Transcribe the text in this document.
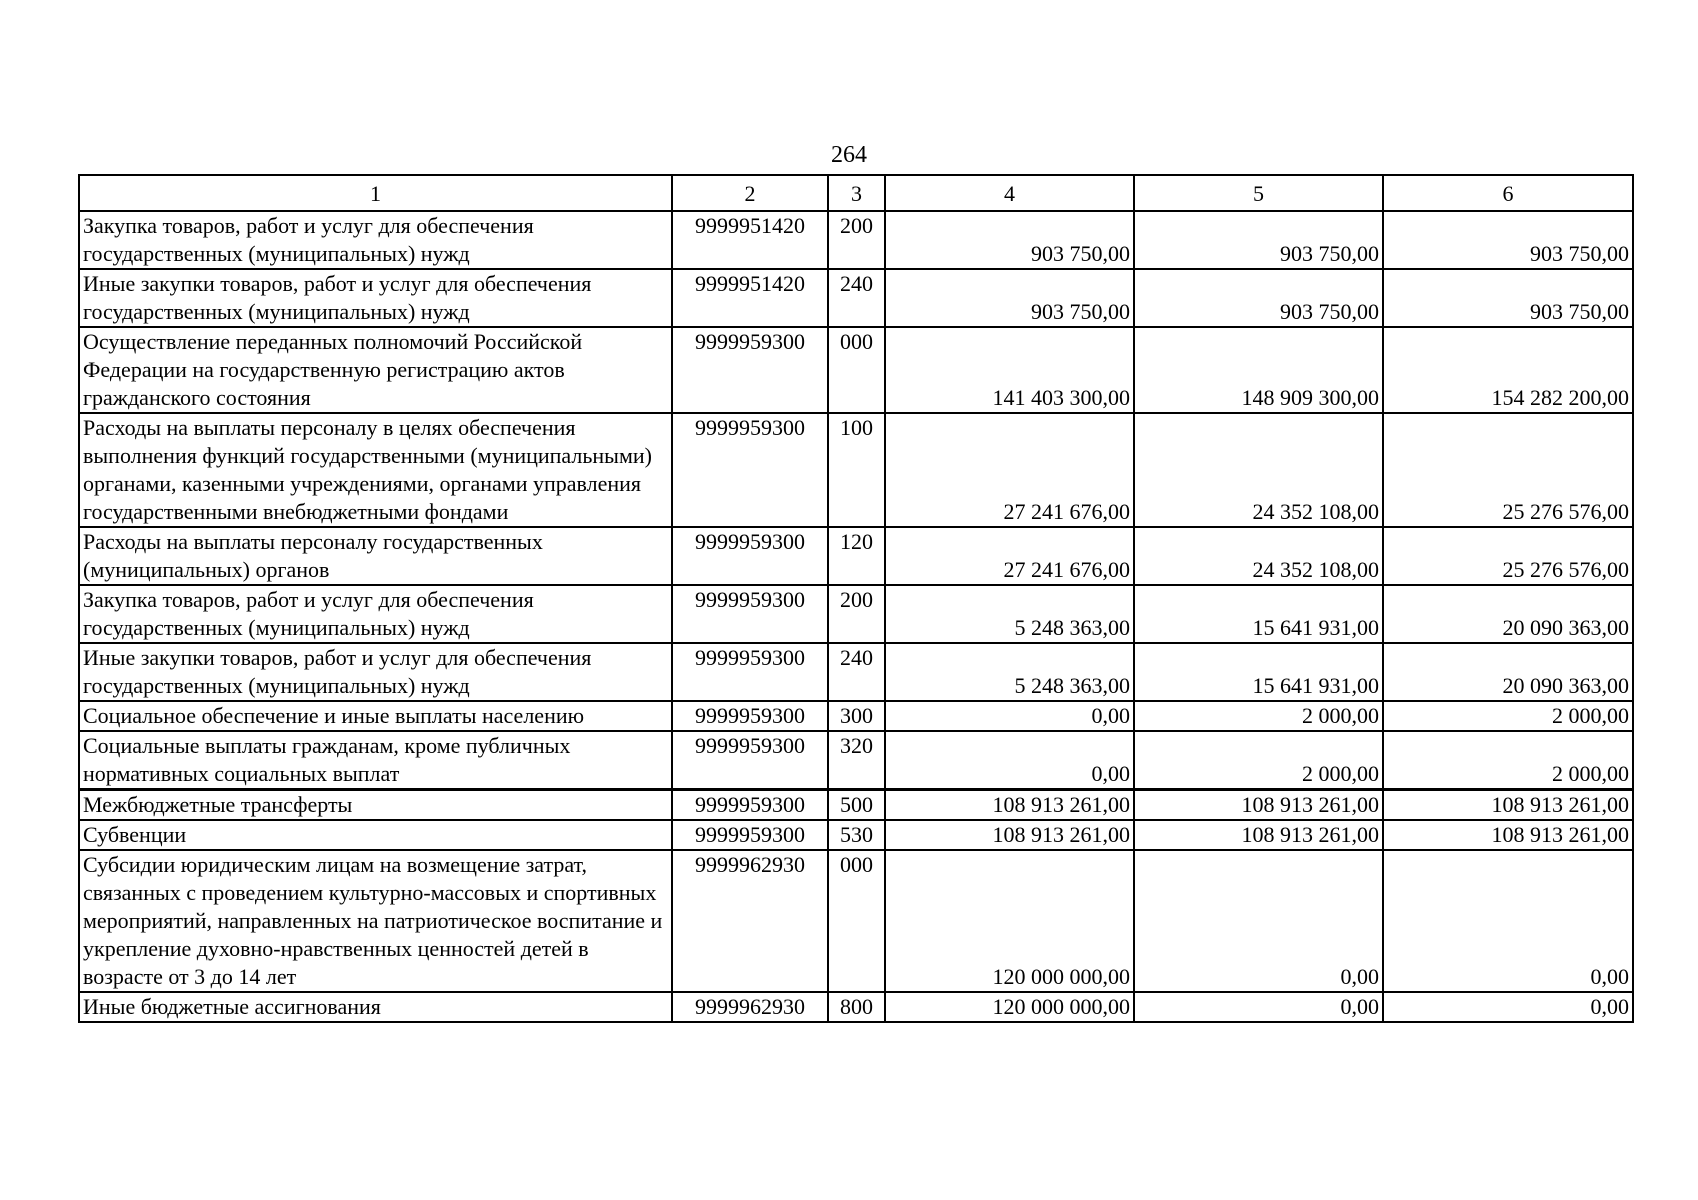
264
1	2	3	4	5	6
Закупка товаров, работ и услуг для обеспечения государственных (муниципальных) нужд	9999951420	200	903 750,00	903 750,00	903 750,00
Иные закупки товаров, работ и услуг для обеспечения государственных (муниципальных) нужд	9999951420	240	903 750,00	903 750,00	903 750,00
Осуществление переданных полномочий Российской Федерации на государственную регистрацию актов гражданского состояния	9999959300	000	141 403 300,00	148 909 300,00	154 282 200,00
Расходы на выплаты персоналу в целях обеспечения выполнения функций государственными (муниципальными) органами, казенными учреждениями, органами управления государственными внебюджетными фондами	9999959300	100	27 241 676,00	24 352 108,00	25 276 576,00
Расходы на выплаты персоналу государственных (муниципальных) органов	9999959300	120	27 241 676,00	24 352 108,00	25 276 576,00
Закупка товаров, работ и услуг для обеспечения государственных (муниципальных) нужд	9999959300	200	5 248 363,00	15 641 931,00	20 090 363,00
Иные закупки товаров, работ и услуг для обеспечения государственных (муниципальных) нужд	9999959300	240	5 248 363,00	15 641 931,00	20 090 363,00
Социальное обеспечение и иные выплаты населению	9999959300	300	0,00	2 000,00	2 000,00
Социальные выплаты гражданам, кроме публичных нормативных социальных выплат	9999959300	320	0,00	2 000,00	2 000,00
Межбюджетные трансферты	9999959300	500	108 913 261,00	108 913 261,00	108 913 261,00
Субвенции	9999959300	530	108 913 261,00	108 913 261,00	108 913 261,00
Субсидии юридическим лицам на возмещение затрат, связанных с проведением культурно-массовых и спортивных мероприятий, направленных на патриотическое воспитание и укрепление духовно-нравственных ценностей детей в возрасте от 3 до 14 лет	9999962930	000	120 000 000,00	0,00	0,00
Иные бюджетные ассигнования	9999962930	800	120 000 000,00	0,00	0,00
